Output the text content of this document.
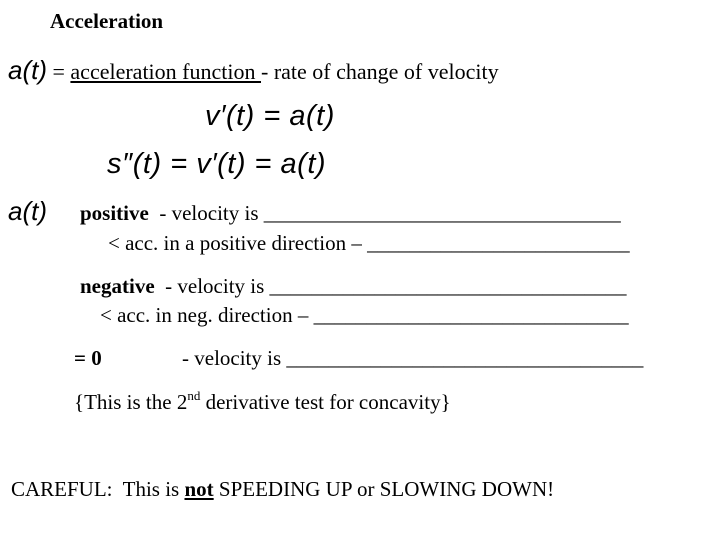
Acceleration
a(t) = acceleration function - rate of change of velocity
v′(t) = a(t)
s″(t) = v′(t) = a(t)
a(t) positive  - velocity is __________________________________
< acc. in a positive direction – _________________________
negative  - velocity is __________________________________
< acc. in neg. direction – ______________________________
= 0	- velocity is __________________________________
{This is the 2nd derivative test for concavity}
CAREFUL:  This is not SPEEDING UP or SLOWING DOWN!
